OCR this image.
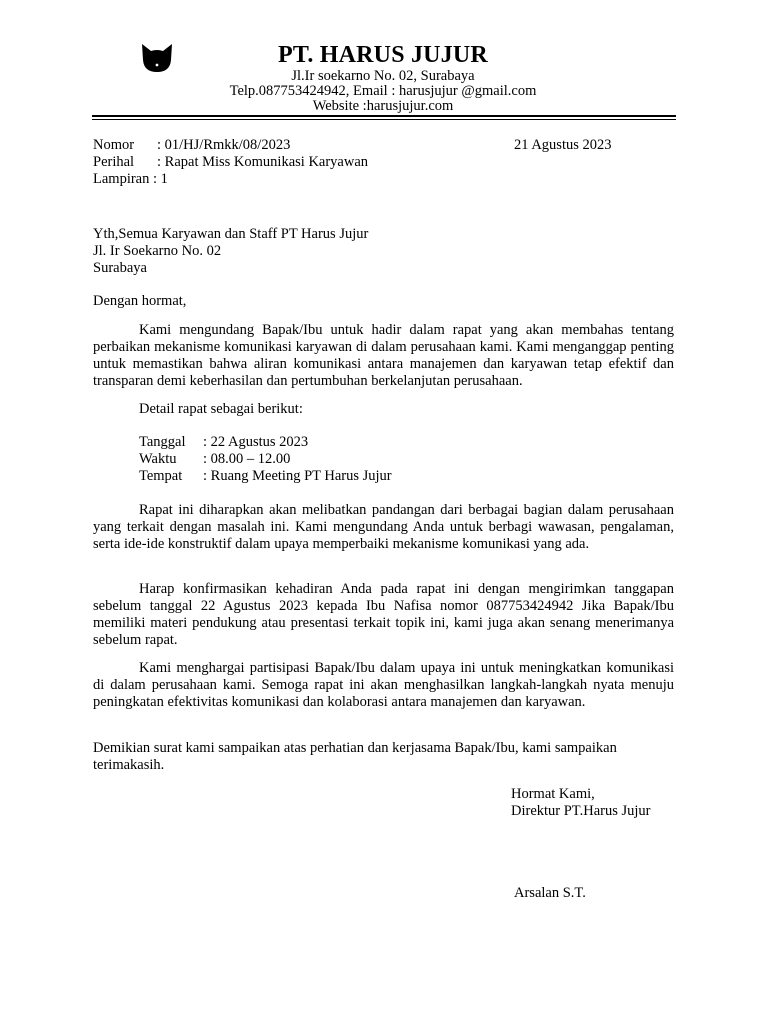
PT. HARUS JUJUR
Jl.Ir soekarno No. 02, Surabaya
Telp.087753424942, Email : harusjujur @gmail.com
Website :harusjujur.com
Nomor : 01/HJ/Rmkk/08/2023	21 Agustus 2023
Perihal : Rapat Miss Komunikasi Karyawan
Lampiran : 1
Yth,Semua Karyawan dan Staff PT Harus Jujur
Jl. Ir Soekarno No. 02
Surabaya
Dengan hormat,
Kami mengundang Bapak/Ibu untuk hadir dalam rapat yang akan membahas tentang perbaikan mekanisme komunikasi karyawan di dalam perusahaan kami. Kami menganggap penting untuk memastikan bahwa aliran komunikasi antara manajemen dan karyawan tetap efektif dan transparan demi keberhasilan dan pertumbuhan berkelanjutan perusahaan.
Detail rapat sebagai berikut:
Tanggal : 22 Agustus 2023
Waktu : 08.00 – 12.00
Tempat : Ruang Meeting PT Harus Jujur
Rapat ini diharapkan akan melibatkan pandangan dari berbagai bagian dalam perusahaan yang terkait dengan masalah ini. Kami mengundang Anda untuk berbagi wawasan, pengalaman, serta ide-ide konstruktif dalam upaya memperbaiki mekanisme komunikasi yang ada.
Harap konfirmasikan kehadiran Anda pada rapat ini dengan mengirimkan tanggapan sebelum tanggal 22 Agustus 2023 kepada Ibu Nafisa nomor 087753424942 Jika Bapak/Ibu memiliki materi pendukung atau presentasi terkait topik ini, kami juga akan senang menerimanya sebelum rapat.
Kami menghargai partisipasi Bapak/Ibu dalam upaya ini untuk meningkatkan komunikasi di dalam perusahaan kami. Semoga rapat ini akan menghasilkan langkah-langkah nyata menuju peningkatan efektivitas komunikasi dan kolaborasi antara manajemen dan karyawan.
Demikian surat kami sampaikan atas perhatian dan kerjasama Bapak/Ibu, kami sampaikan terimakasih.
Hormat Kami,
Direktur PT.Harus Jujur
Arsalan S.T.
